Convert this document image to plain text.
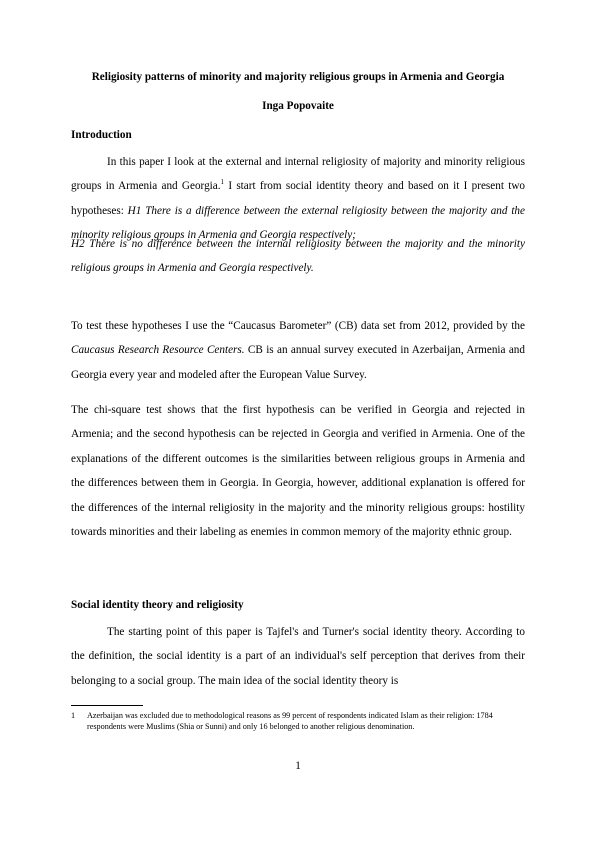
Religiosity patterns of minority and majority religious groups in Armenia and Georgia
Inga Popovaite
Introduction

In this paper I look at the external and internal religiosity of majority and minority religious groups in Armenia and Georgia.$^1$ I start from social identity theory and based on it I present two hypotheses: H1 There is a difference between the external religiosity between the majority and the minority religious groups in Armenia and Georgia respectively;

H2 There is no difference between the internal religiosity between the majority and the minority religious groups in Armenia and Georgia respectively.

To test these hypotheses I use the “Caucasus Barometer” (CB) data set from 2012, provided by the Caucasus Research Resource Centers. CB is an annual survey executed in Azerbaijan, Armenia and Georgia every year and modeled after the European Value Survey.

The chi-square test shows that the first hypothesis can be verified in Georgia and rejected in Armenia; and the second hypothesis can be rejected in Georgia and verified in Armenia. One of the explanations of the different outcomes is the similarities between religious groups in Armenia and the differences between them in Georgia. In Georgia, however, additional explanation is offered for the differences of the internal religiosity in the majority and the minority religious groups: hostility towards minorities and their labeling as enemies in common memory of the majority ethnic group.

Social identity theory and religiosity

The starting point of this paper is Tajfel's and Turner's social identity theory. According to the definition, the social identity is a part of an individual's self perception that derives from their belonging to a social group. The main idea of the social identity theory is

1 Azerbaijan was excluded due to methodological reasons as 99 percent of respondents indicated Islam as their religion: 1784 respondents were Muslims (Shia or Sunni) and only 16 belonged to another religious denomination.
1
